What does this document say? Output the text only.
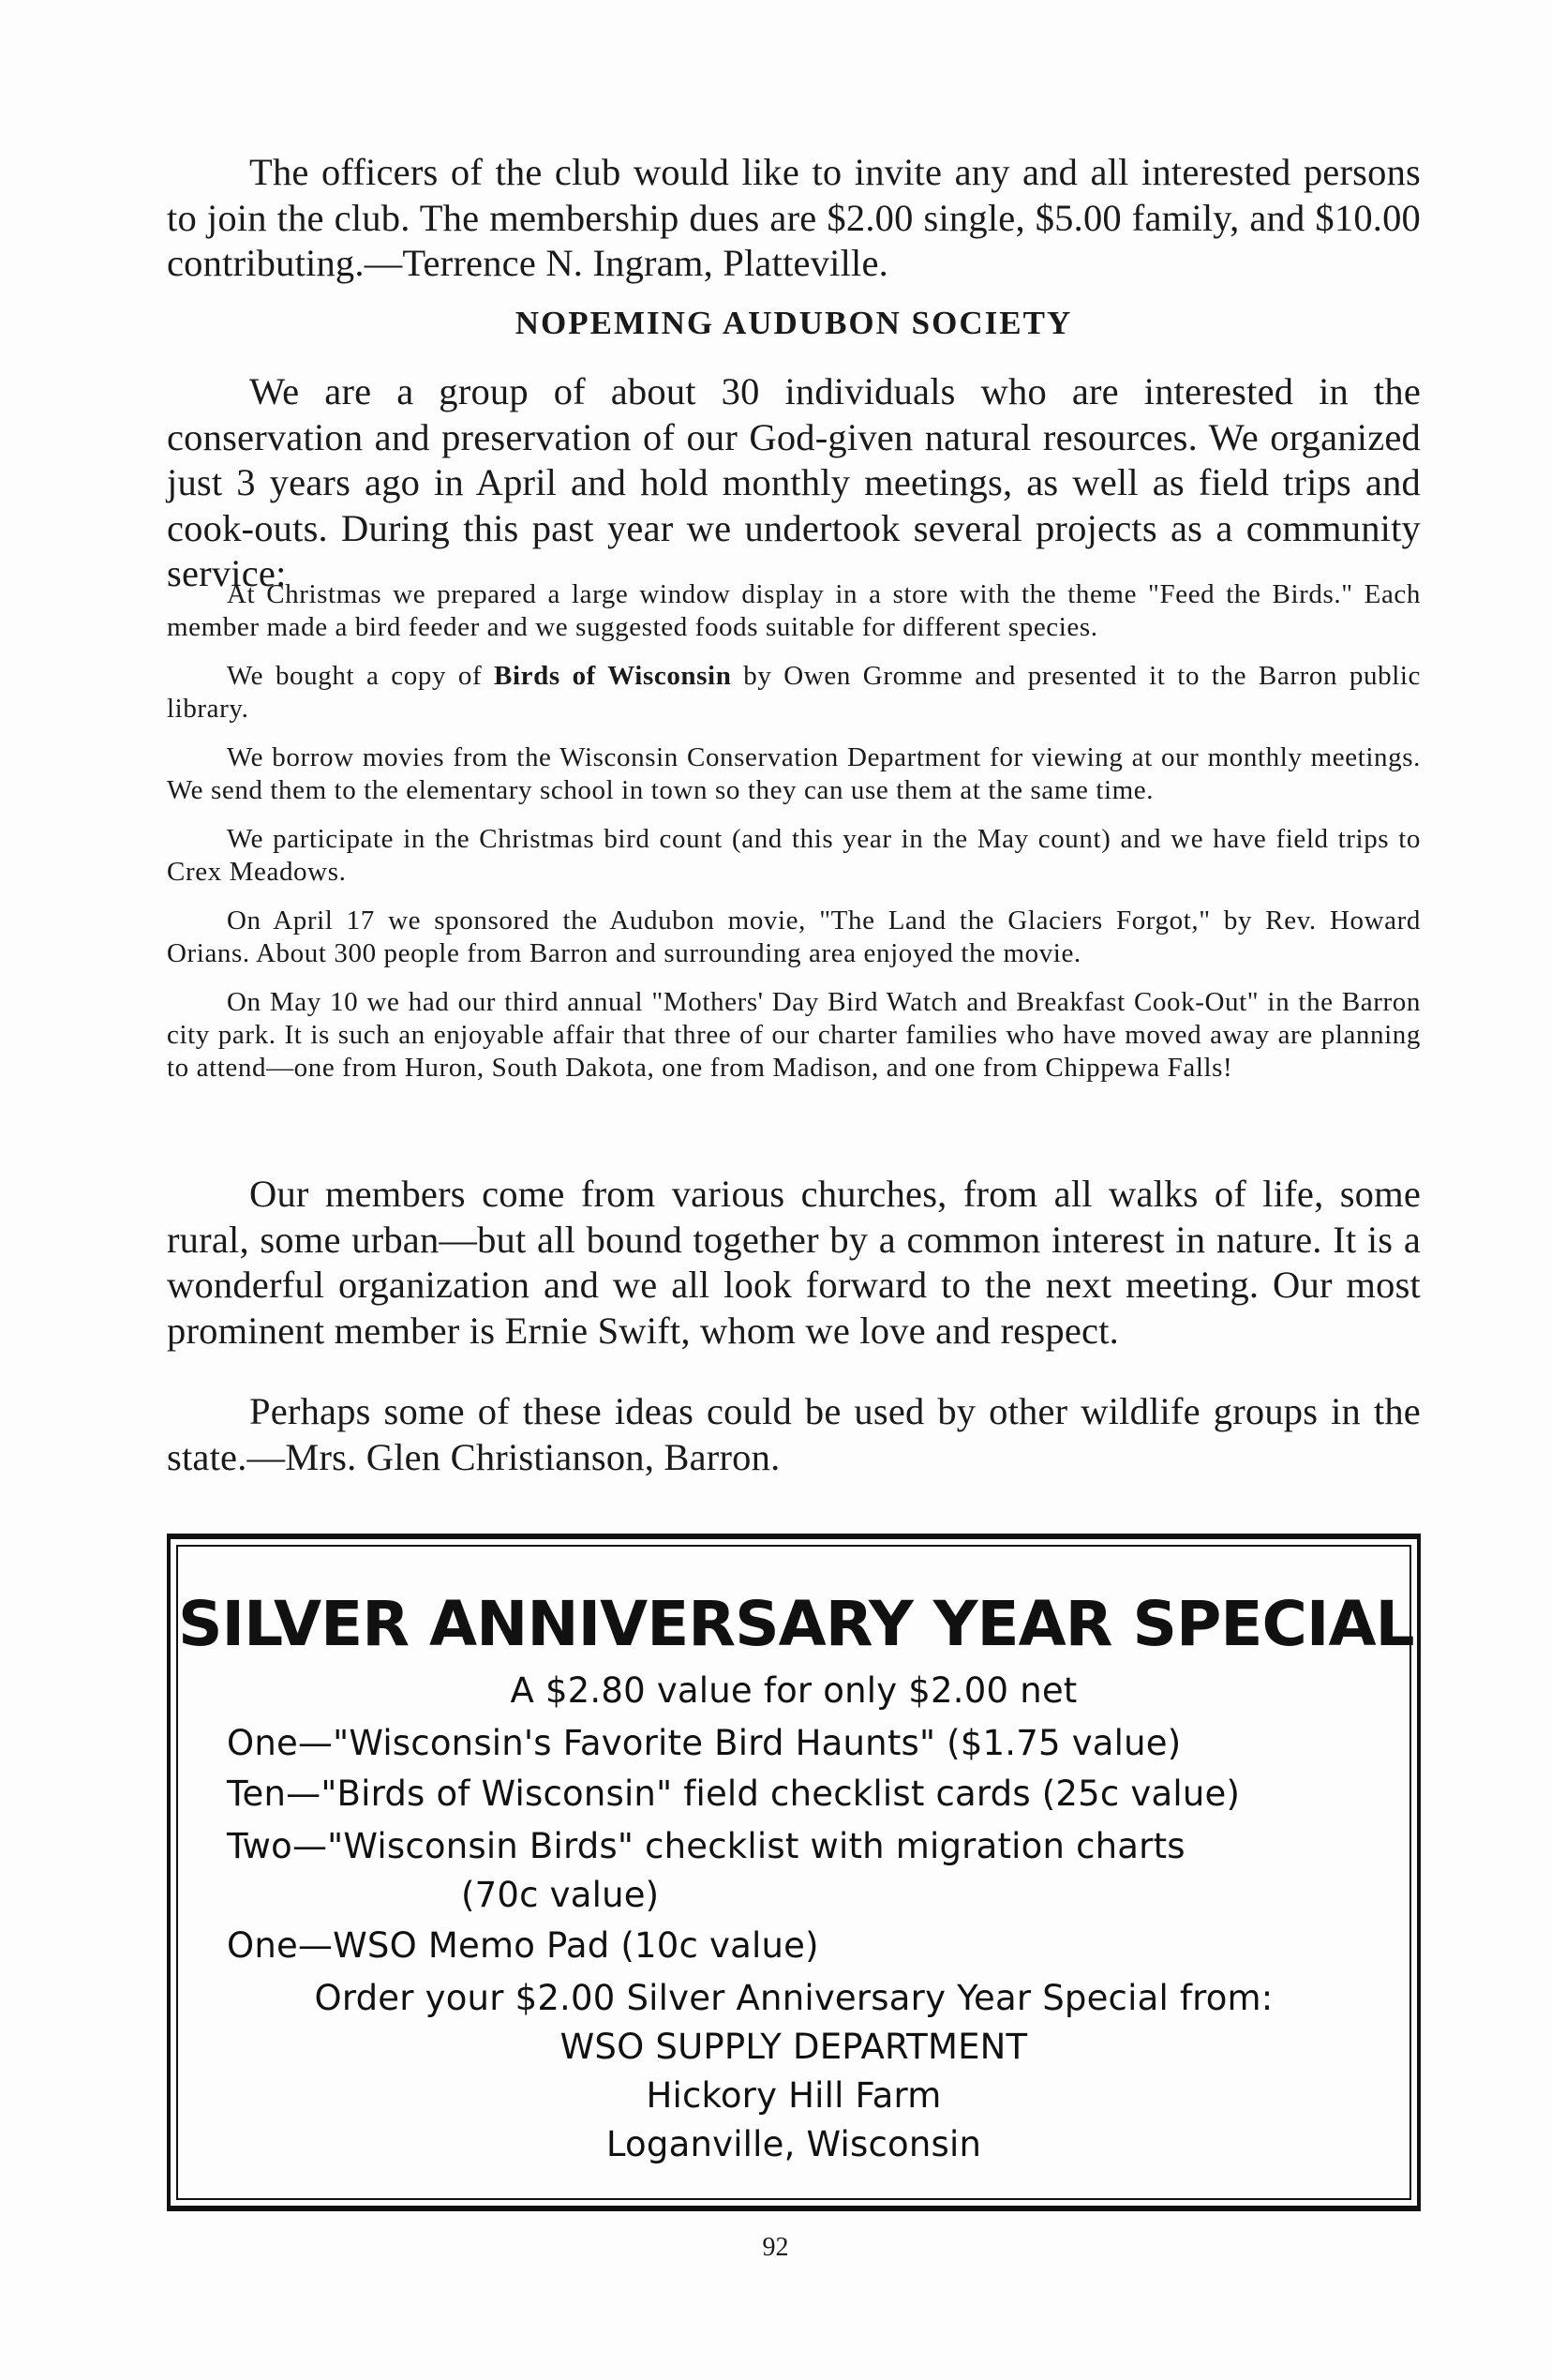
The officers of the club would like to invite any and all interested persons to join the club. The membership dues are $2.00 single, $5.00 family, and $10.00 contributing.—Terrence N. Ingram, Platteville.

NOPEMING AUDUBON SOCIETY

We are a group of about 30 individuals who are interested in the conservation and preservation of our God-given natural resources. We organized just 3 years ago in April and hold monthly meetings, as well as field trips and cook-outs. During this past year we undertook several projects as a community service:

At Christmas we prepared a large window display in a store with the theme "Feed the Birds." Each member made a bird feeder and we suggested foods suitable for different species.

We bought a copy of Birds of Wisconsin by Owen Gromme and presented it to the Barron public library.

We borrow movies from the Wisconsin Conservation Department for viewing at our monthly meetings. We send them to the elementary school in town so they can use them at the same time.

We participate in the Christmas bird count (and this year in the May count) and we have field trips to Crex Meadows.

On April 17 we sponsored the Audubon movie, "The Land the Glaciers Forgot," by Rev. Howard Orians. About 300 people from Barron and surrounding area enjoyed the movie.

On May 10 we had our third annual "Mothers' Day Bird Watch and Breakfast Cook-Out" in the Barron city park. It is such an enjoyable affair that three of our charter families who have moved away are planning to attend—one from Huron, South Dakota, one from Madison, and one from Chippewa Falls!

Our members come from various churches, from all walks of life, some rural, some urban—but all bound together by a common interest in nature. It is a wonderful organization and we all look forward to the next meeting. Our most prominent member is Ernie Swift, whom we love and respect.

Perhaps some of these ideas could be used by other wildlife groups in the state.—Mrs. Glen Christianson, Barron.

SILVER ANNIVERSARY YEAR SPECIAL
A $2.80 value for only $2.00 net
One—"Wisconsin's Favorite Bird Haunts" ($1.75 value)
Ten—"Birds of Wisconsin" field checklist cards (25c value)
Two—"Wisconsin Birds" checklist with migration charts
(70c value)
One—WSO Memo Pad (10c value)
Order your $2.00 Silver Anniversary Year Special from:
WSO SUPPLY DEPARTMENT
Hickory Hill Farm
Loganville, Wisconsin
92
